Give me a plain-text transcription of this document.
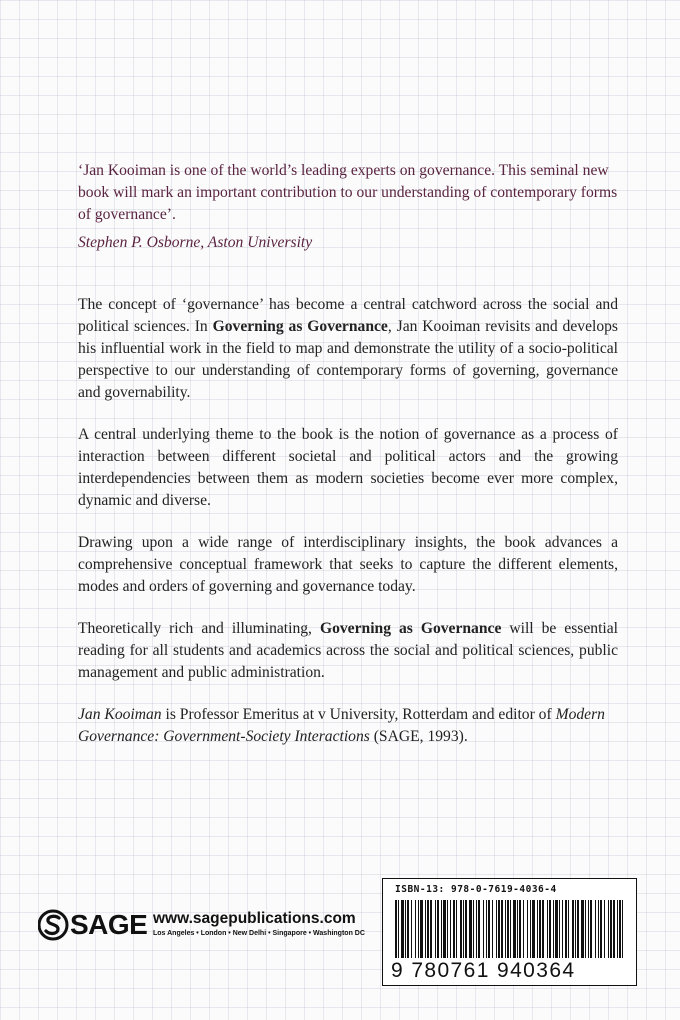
‘Jan Kooiman is one of the world’s leading experts on governance. This seminal new book will mark an important contribution to our understanding of contemporary forms of governance’.

Stephen P. Osborne, Aston University

The concept of ‘governance’ has become a central catchword across the social and political sciences. In Governing as Governance, Jan Kooiman revisits and develops his influential work in the field to map and demonstrate the utility of a socio-political perspective to our understanding of contemporary forms of governing, governance and governability.

A central underlying theme to the book is the notion of governance as a process of interaction between different societal and political actors and the growing interdependencies between them as modern societies become ever more complex, dynamic and diverse.

Drawing upon a wide range of interdisciplinary insights, the book advances a comprehensive conceptual framework that seeks to capture the different elements, modes and orders of governing and governance today.

Theoretically rich and illuminating, Governing as Governance will be essential reading for all students and academics across the social and political sciences, public management and public administration.

Jan Kooiman is Professor Emeritus at v University, Rotterdam and editor of Modern Governance: Government-Society Interactions (SAGE, 1993).

SAGE www.sagepublications.com
Los Angeles • London • New Delhi • Singapore • Washington DC
ISBN-13: 978-0-7619-4036-4
9 780761 940364
